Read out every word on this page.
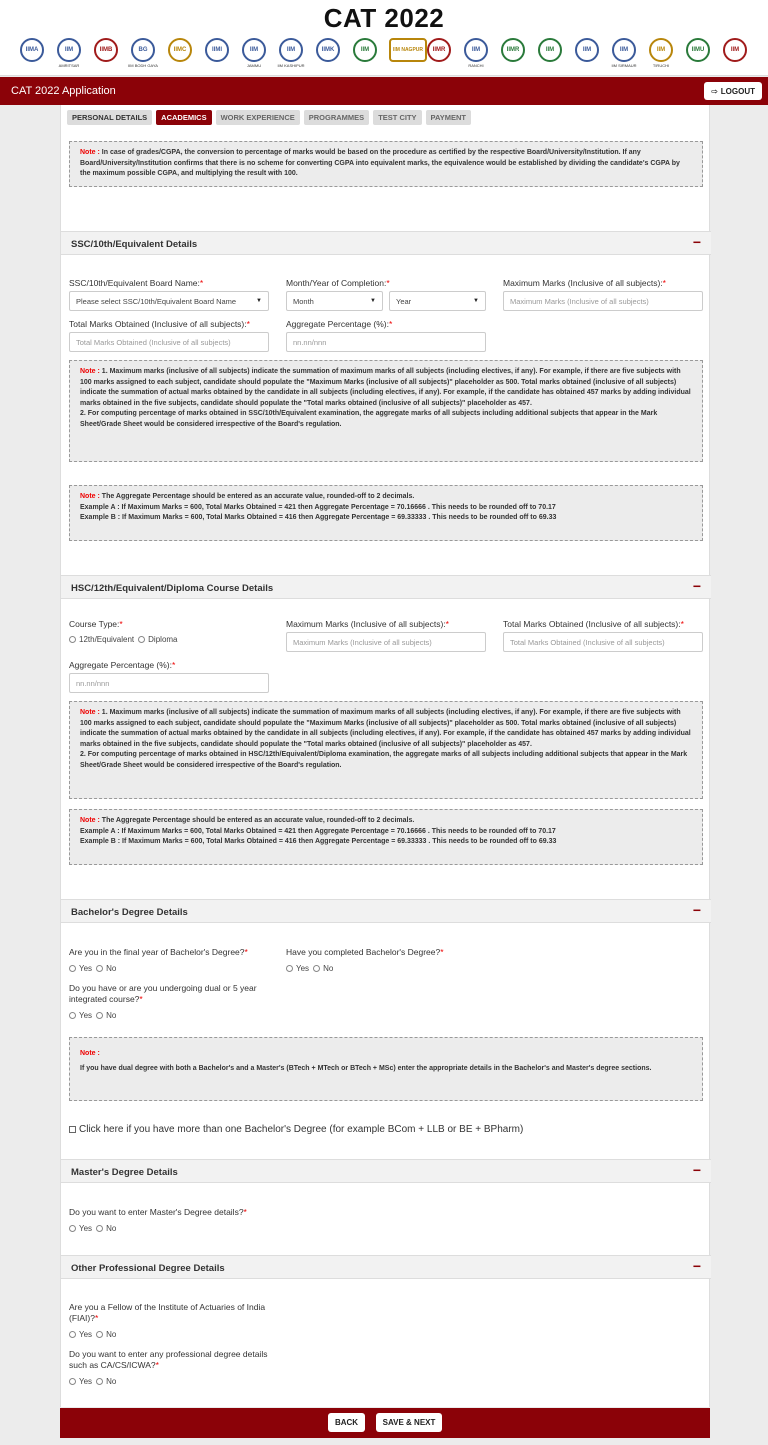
CAT 2022
IIMA	IIM
AMRITSAR
IIMB	BG
IIM BODH GAYA
IIMC	IIMI	IIM
JAMMU
IIM
IIM KASHIPUR
IIMK	IIM	IIM NAGPUR	IIMR	IIM
RANCHI
IIMR	IIM	IIM	IIM
IIM SIRMAUR
IIM
TIRUCHI
IIMU	IIM
CAT 2022 Application	⇨ LOGOUT
PERSONAL DETAILS	ACADEMICS	WORK EXPERIENCE	PROGRAMMES	TEST CITY	PAYMENT
Note : In case of grades/CGPA, the conversion to percentage of marks would be based on the procedure as certified by the respective Board/University/Institution. If any Board/University/Institution confirms that there is no scheme for converting CGPA into equivalent marks, the equivalence would be established by dividing the candidate's CGPA by the maximum possible CGPA, and multiplying the result with 100.
SSC/10th/Equivalent Details	−
SSC/10th/Equivalent Board Name:*
Please select SSC/10th/Equivalent Board Name	▼
Month/Year of Completion:*
Month	▼	Year	▼
Maximum Marks (Inclusive of all subjects):*
Maximum Marks (Inclusive of all subjects)
Total Marks Obtained (Inclusive of all subjects):*
Total Marks Obtained (Inclusive of all subjects)
Aggregate Percentage (%):*
nn.nn/nnn
Note : 1. Maximum marks (inclusive of all subjects) indicate the summation of maximum marks of all subjects (including electives, if any). For example, if there are five subjects with 100 marks assigned to each subject, candidate should populate the "Maximum Marks (inclusive of all subjects)" placeholder as 500. Total marks obtained (inclusive of all subjects) indicate the summation of actual marks obtained by the candidate in all subjects (including electives, if any). For example, if the candidate has obtained 457 marks by adding individual marks obtained in the five subjects, candidate should populate the "Total marks obtained (inclusive of all subjects)" placeholder as 457.
2. For computing percentage of marks obtained in SSC/10th/Equivalent examination, the aggregate marks of all subjects including additional subjects that appear in the Mark Sheet/Grade Sheet would be considered irrespective of the Board's regulation.
Note : The Aggregate Percentage should be entered as an accurate value, rounded-off to 2 decimals.
Example A : If Maximum Marks = 600, Total Marks Obtained = 421 then Aggregate Percentage = 70.16666 . This needs to be rounded off to 70.17
Example B : If Maximum Marks = 600, Total Marks Obtained = 416 then Aggregate Percentage = 69.33333 . This needs to be rounded off to 69.33
HSC/12th/Equivalent/Diploma Course Details	−
Course Type:*
12th/Equivalent Diploma
Maximum Marks (Inclusive of all subjects):*
Maximum Marks (Inclusive of all subjects)
Total Marks Obtained (Inclusive of all subjects):*
Total Marks Obtained (Inclusive of all subjects)
Aggregate Percentage (%):*
nn.nn/nnn
Note : 1. Maximum marks (inclusive of all subjects) indicate the summation of maximum marks of all subjects (including electives, if any). For example, if there are five subjects with 100 marks assigned to each subject, candidate should populate the "Maximum Marks (inclusive of all subjects)" placeholder as 500. Total marks obtained (inclusive of all subjects) indicate the summation of actual marks obtained by the candidate in all subjects (including electives, if any). For example, if the candidate has obtained 457 marks by adding individual marks obtained in the five subjects, candidate should populate the "Total marks obtained (inclusive of all subjects)" placeholder as 457.
2. For computing percentage of marks obtained in HSC/12th/Equivalent/Diploma examination, the aggregate marks of all subjects including additional subjects that appear in the Mark Sheet/Grade Sheet would be considered irrespective of the Board's regulation.
Note : The Aggregate Percentage should be entered as an accurate value, rounded-off to 2 decimals.
Example A : If Maximum Marks = 600, Total Marks Obtained = 421 then Aggregate Percentage = 70.16666 . This needs to be rounded off to 70.17
Example B : If Maximum Marks = 600, Total Marks Obtained = 416 then Aggregate Percentage = 69.33333 . This needs to be rounded off to 69.33
Bachelor's Degree Details	−
Are you in the final year of Bachelor's Degree?*
Yes No
Have you completed Bachelor's Degree?*
Yes No
Do you have or are you undergoing dual or 5 year
integrated course?*
Yes No
Note :
If you have dual degree with both a Bachelor's and a Master's (BTech + MTech or BTech + MSc) enter the appropriate details in the Bachelor's and Master's degree sections.
Click here if you have more than one Bachelor's Degree (for example BCom + LLB or BE + BPharm)
Master's Degree Details	−
Do you want to enter Master's Degree details?*
Yes No
Other Professional Degree Details	−
Are you a Fellow of the Institute of Actuaries of India
(FIAI)?*
Yes No
Do you want to enter any professional degree details
such as CA/CS/ICWA?*
Yes No
BACK	SAVE & NEXT
